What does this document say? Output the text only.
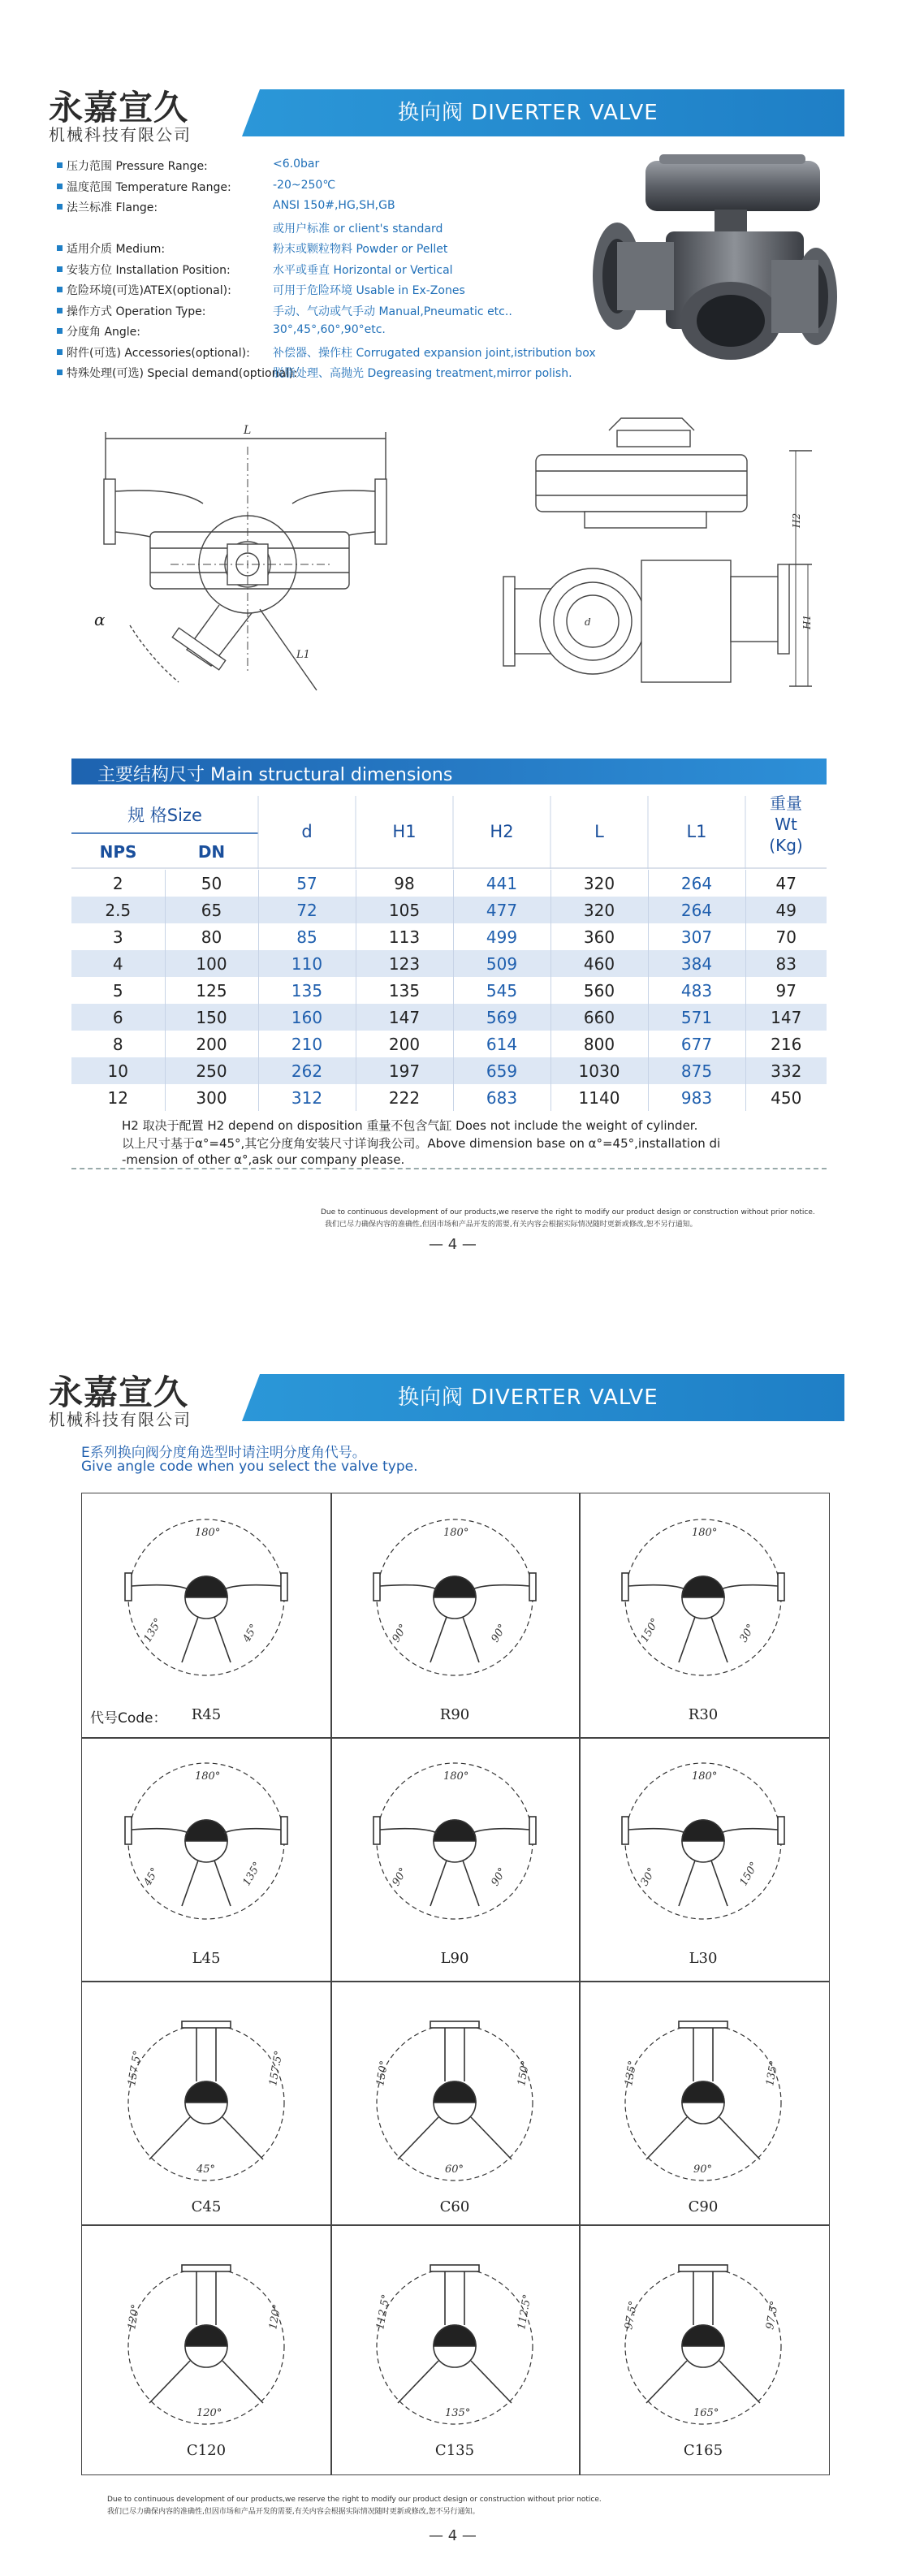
永嘉宣久
机械科技有限公司
换向阀 DIVERTER VALVE
压力范围 Pressure Range:	<6.0bar
温度范围 Temperature Range:	-20~250℃
法兰标准 Flange:	ANSI 150#,HG,SH,GB
或用户标准 or client's standard
适用介质 Medium:	粉末或颗粒物料 Powder or Pellet
安装方位 Installation Position:	水平或垂直 Horizontal or Vertical
危险环境(可选)ATEX(optional):	可用于危险环境 Usable in Ex-Zones
操作方式 Operation Type:	手动、气动或气手动 Manual,Pneumatic etc..
分度角 Angle:	30°,45°,60°,90°etc.
附件(可选) Accessories(optional): 补偿器、操作柱 Corrugated expansion joint,istribution box
特殊处理(可选) Special demand(optional):
脱脂处理、高抛光 Degreasing treatment,mirror polish.
L
L1
α
H2
H1
d
主要结构尺寸 Main structural dimensions
规 格Size
NPS	DN
d	H1	H2	L	L1
重量
Wt
(Kg)
2	50	57	98	441	320	264	47
2.5	65	72	105	477	320	264	49
3	80	85	113	499	360	307	70
4	100	110	123	509	460	384	83
5	125	135	135	545	560	483	97
6	150	160	147	569	660	571	147
8	200	210	200	614	800	677	216
10	250	262	197	659	1030	875	332
12	300	312	222	683	1140	983	450
H2 取决于配置 H2 depend on disposition 重量不包含气缸 Does not include the weight of cylinder.
以上尺寸基于α°=45°,其它分度角安装尺寸详询我公司。Above dimension base on α°=45°,installation di
-mension of other α°,ask our company please.
Due to continuous development of our products,we reserve the right to modify our product design or construction without prior notice.
我们已尽力确保内容的准确性,但因市场和产品开发的需要,有关内容会根据实际情况随时更新或修改,恕不另行通知。
— 4 —
永嘉宣久
机械科技有限公司
换向阀 DIVERTER VALVE
E系列换向阀分度角选型时请注明分度角代号。
Give angle code when you select the valve type.
180°
135°	45°
R45
代号Code：
180°
90°	90°
R90
180°
150°	30°
R30
180°
45°	135°
L45
180°
90°	90°
L90
180°
30°	150°
L30
157.5°	157.5°
45°
C45
150°	150°
60°
C60
135°	135°
90°
C90
120°	120°
120°
C120
112.5°	112.5°
135°
C135
97.5°	97.5°
165°
C165
Due to continuous development of our products,we reserve the right to modify our product design or construction without prior notice.
我们已尽力确保内容的准确性,但因市场和产品开发的需要,有关内容会根据实际情况随时更新或修改,恕不另行通知。
— 4 —
